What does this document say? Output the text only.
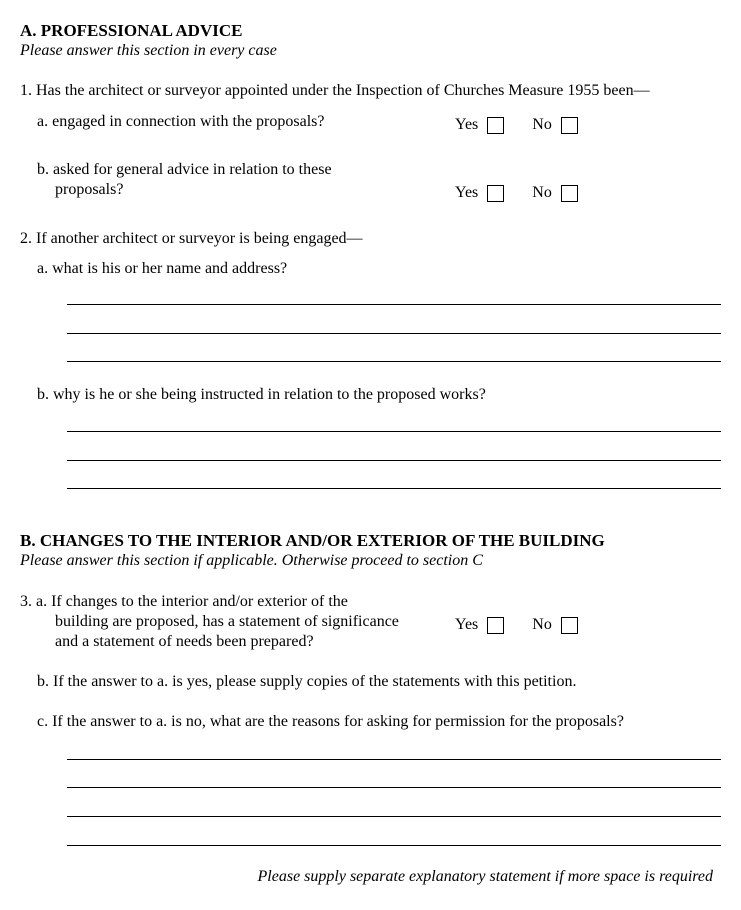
A. PROFESSIONAL ADVICE
Please answer this section in every case
1. Has the architect or surveyor appointed under the Inspection of Churches Measure 1955 been—
a. engaged in connection with the proposals?	Yes	No
b. asked for general advice in relation to these
proposals?	Yes	No
2. If another architect or surveyor is being engaged—
a. what is his or her name and address?
b. why is he or she being instructed in relation to the proposed works?
B. CHANGES TO THE INTERIOR AND/OR EXTERIOR OF THE BUILDING
Please answer this section if applicable. Otherwise proceed to section C
3. a. If changes to the interior and/or exterior of the
building are proposed, has a statement of significance
and a statement of needs been prepared?
Yes	No
b. If the answer to a. is yes, please supply copies of the statements with this petition.
c. If the answer to a. is no, what are the reasons for asking for permission for the proposals?
Please supply separate explanatory statement if more space is required
